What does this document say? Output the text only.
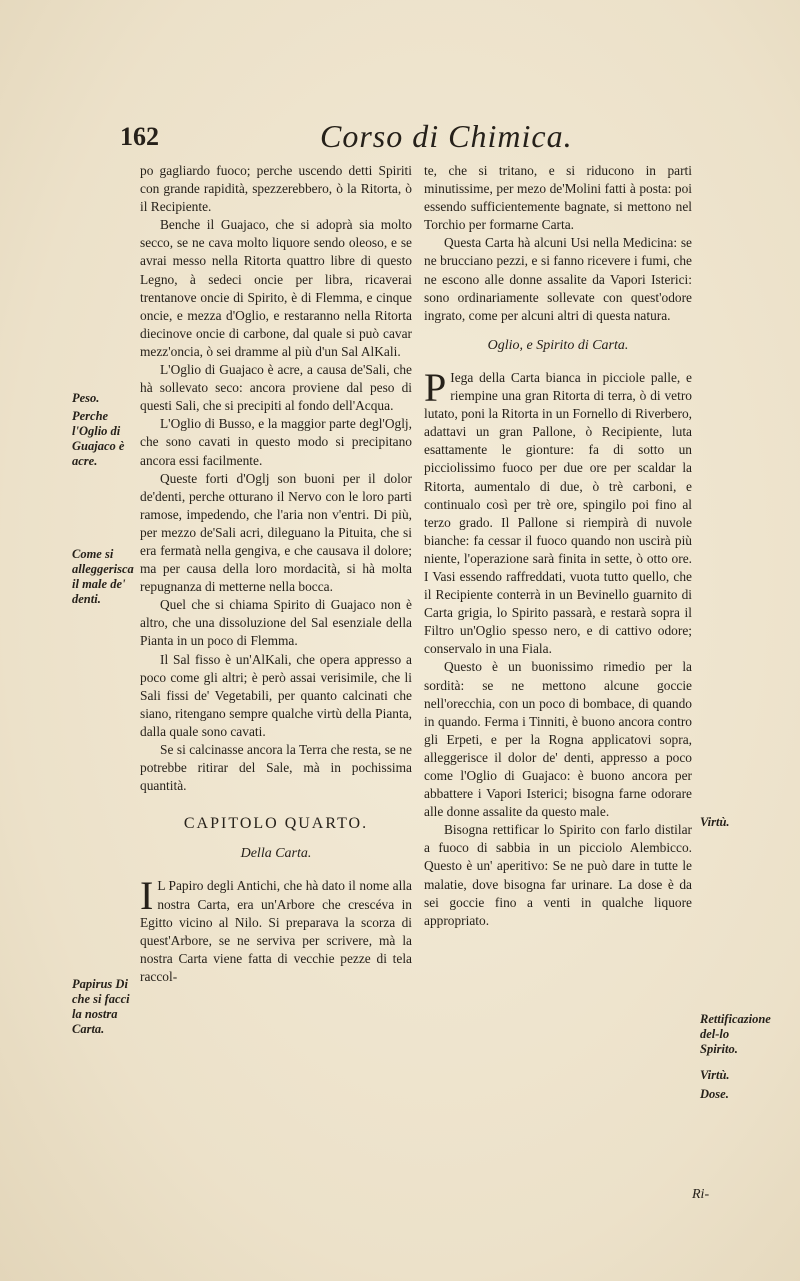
162	Corso di Chimica.
Peso.
Perche l'Oglio di Guajaco è acre.
Come si alleggerisca il male de' denti.
Papirus Di che si facci la nostra Carta.
Virtù.
Rettificazione del-lo Spirito.
Virtù.
Dose.

po gagliardo fuoco; perche uscendo detti Spiriti con grande rapidità, spezzerebbero, ò la Ritorta, ò il Recipiente.

Benche il Guajaco, che si adoprà sia molto secco, se ne cava molto liquore sendo oleoso, e se avrai messo nella Ritorta quattro libre di questo Legno, à sedeci oncie per libra, ricaverai trentanove oncie di Spirito, è di Flemma, e cinque oncie, e mezza d'Oglio, e restaranno nella Ritorta diecinove oncie di carbone, dal quale si può cavar mezz'oncia, ò sei dramme al più d'un Sal AlKali.

L'Oglio di Guajaco è acre, a causa de'Sali, che hà sollevato seco: ancora proviene dal peso di questi Sali, che si precipiti al fondo dell'Acqua.

L'Oglio di Busso, e la maggior parte degl'Oglj, che sono cavati in questo modo si precipitano ancora essi facilmente.

Queste forti d'Oglj son buoni per il dolor de'denti, perche otturano il Nervo con le loro parti ramose, impedendo, che l'aria non v'entri. Di più, per mezzo de'Sali acri, dileguano la Pituita, che si era fermatà nella gengiva, e che causava il dolore; ma per causa della loro mordacità, si hà molta repugnanza di metterne nella bocca.

Quel che si chiama Spirito di Guajaco non è altro, che una dissoluzione del Sal esenziale della Pianta in un poco di Flemma.

Il Sal fisso è un'AlKali, che opera appresso a poco come gli altri; è però assai verisimile, che li Sali fissi de' Vegetabili, per quanto calcinati che siano, ritengano sempre qualche virtù della Pianta, dalla quale sono cavati.

Se si calcinasse ancora la Terra che resta, se ne potrebbe ritirar del Sale, mà in pochissima quantità.

CAPITOLO QUARTO.

Della Carta.

I L Papiro degli Antichi, che hà dato il nome alla nostra Carta, era un'Arbore che crescéva in Egitto vicino al Nilo. Si preparava la scorza di quest'Arbore, se ne serviva per scrivere, mà la nostra Carta viene fatta di vecchie pezze di tela raccol-

te, che si tritano, e si riducono in parti minutissime, per mezo de'Molini fatti à posta: poi essendo sufficientemente bagnate, si mettono nel Torchio per formarne Carta.

Questa Carta hà alcuni Usi nella Medicina: se ne brucciano pezzi, e si fanno ricevere i fumi, che ne escono alle donne assalite da Vapori Isterici: sono ordinariamente sollevate con quest'odore ingrato, come per alcuni altri di questa natura.

Oglio, e Spirito di Carta.

P Iega della Carta bianca in picciole palle, e riempine una gran Ritorta di terra, ò di vetro lutato, poni la Ritorta in un Fornello di Riverbero, adattavi un gran Pallone, ò Recipiente, luta esattamente le gionture: fa di sotto un picciolissimo fuoco per due ore per scaldar la Ritorta, aumentalo di due, ò trè carboni, e continualo così per trè ore, spingilo poi fino al terzo grado. Il Pallone si riempirà di nuvole bianche: fa cessar il fuoco quando non uscirà più niente, l'operazione sarà finita in sette, ò otto ore. I Vasi essendo raffreddati, vuota tutto quello, che il Recipiente conterrà in un Bevinello guarnito di Carta grigia, lo Spirito passarà, e restarà sopra il Filtro un'Oglio spesso nero, e di cattivo odore; conservalo in una Fiala.

Questo è un buonissimo rimedio per la sordità: se ne mettono alcune goccie nell'orecchia, con un poco di bombace, di quando in quando. Ferma i Tinniti, è buono ancora contro gli Erpeti, e per la Rogna applicatovi sopra, alleggerisce il dolor de' denti, appresso a poco come l'Oglio di Guajaco: è buono ancora per abbattere i Vapori Isterici; bisogna farne odorare alle donne assalite da questo male.

Bisogna rettificar lo Spirito con farlo distilar a fuoco di sabbia in un picciolo Alembicco. Questo è un' aperitivo: Se ne può dare in tutte le malatie, dove bisogna far urinare. La dose è da sei goccie fino a venti in qualche liquore appropriato.

Ri-
